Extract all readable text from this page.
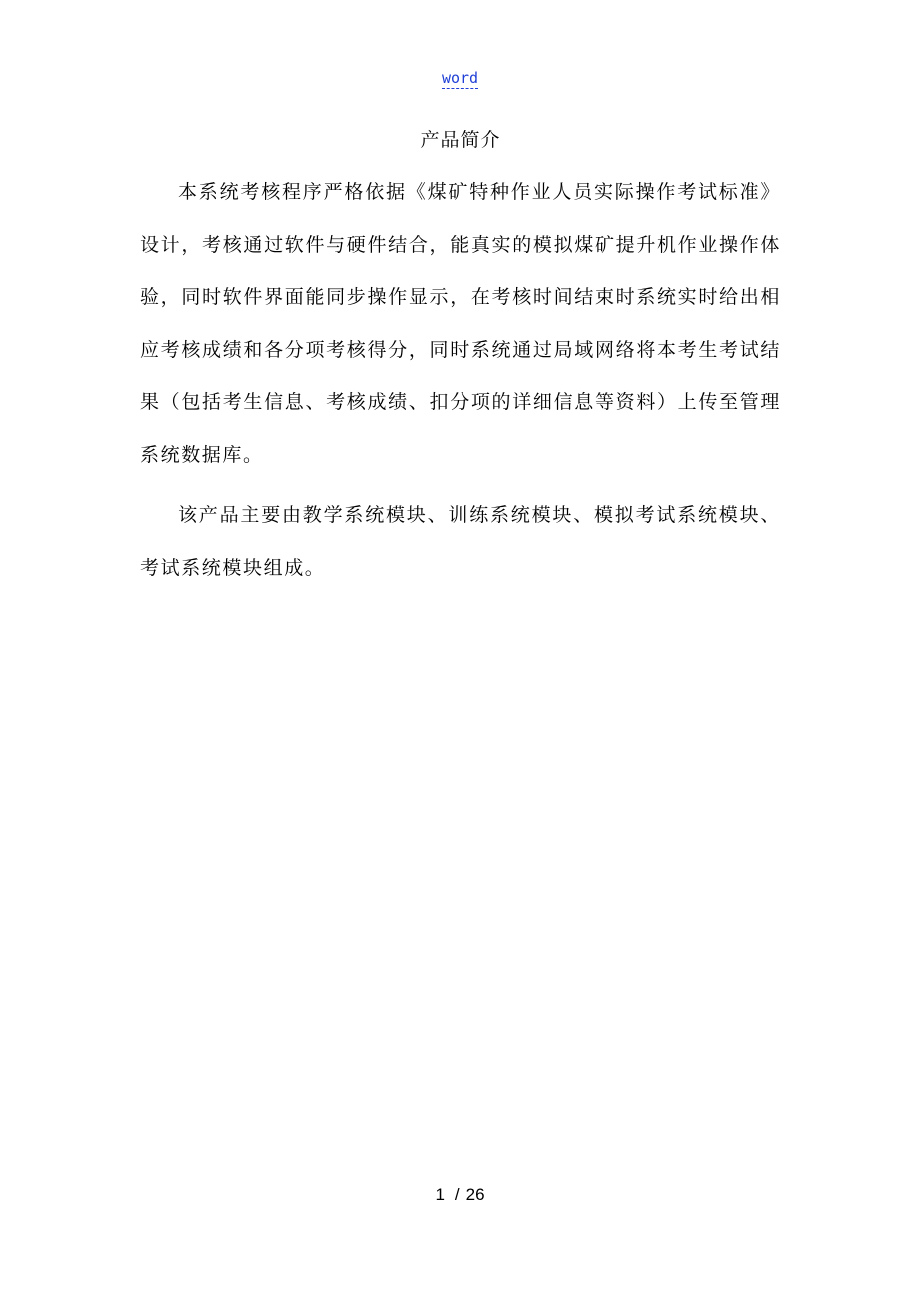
word
产品简介

本系统考核程序严格依据《煤矿特种作业人员实际操作考试标准》设计，考核通过软件与硬件结合，能真实的模拟煤矿提升机作业操作体验，同时软件界面能同步操作显示，在考核时间结束时系统实时给出相应考核成绩和各分项考核得分，同时系统通过局域网络将本考生考试结果（包括考生信息、考核成绩、扣分项的详细信息等资料）上传至管理系统数据库。

该产品主要由教学系统模块、训练系统模块、模拟考试系统模块、考试系统模块组成。

1 / 26
